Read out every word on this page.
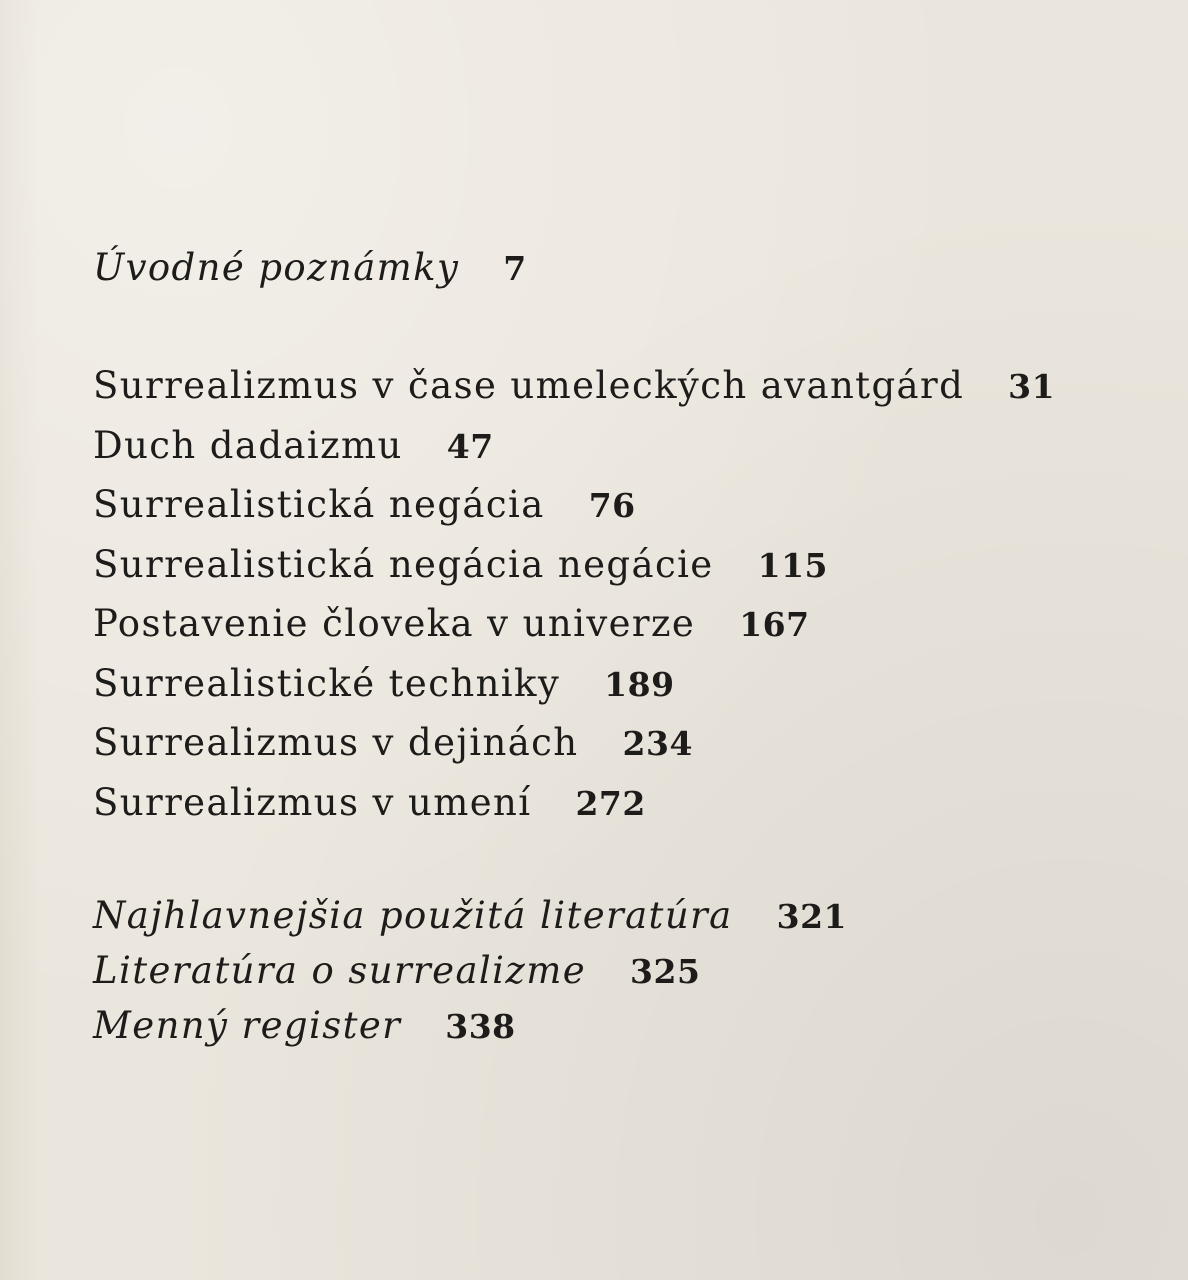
Úvodné poznámky 7
Surrealizmus v čase umeleckých avantgárd 31
Duch dadaizmu 47
Surrealistická negácia 76
Surrealistická negácia negácie 115
Postavenie človeka v univerze 167
Surrealistické techniky 189
Surrealizmus v dejinách 234
Surrealizmus v umení 272
Najhlavnejšia použitá literatúra 321
Literatúra o surrealizme 325
Menný register 338
